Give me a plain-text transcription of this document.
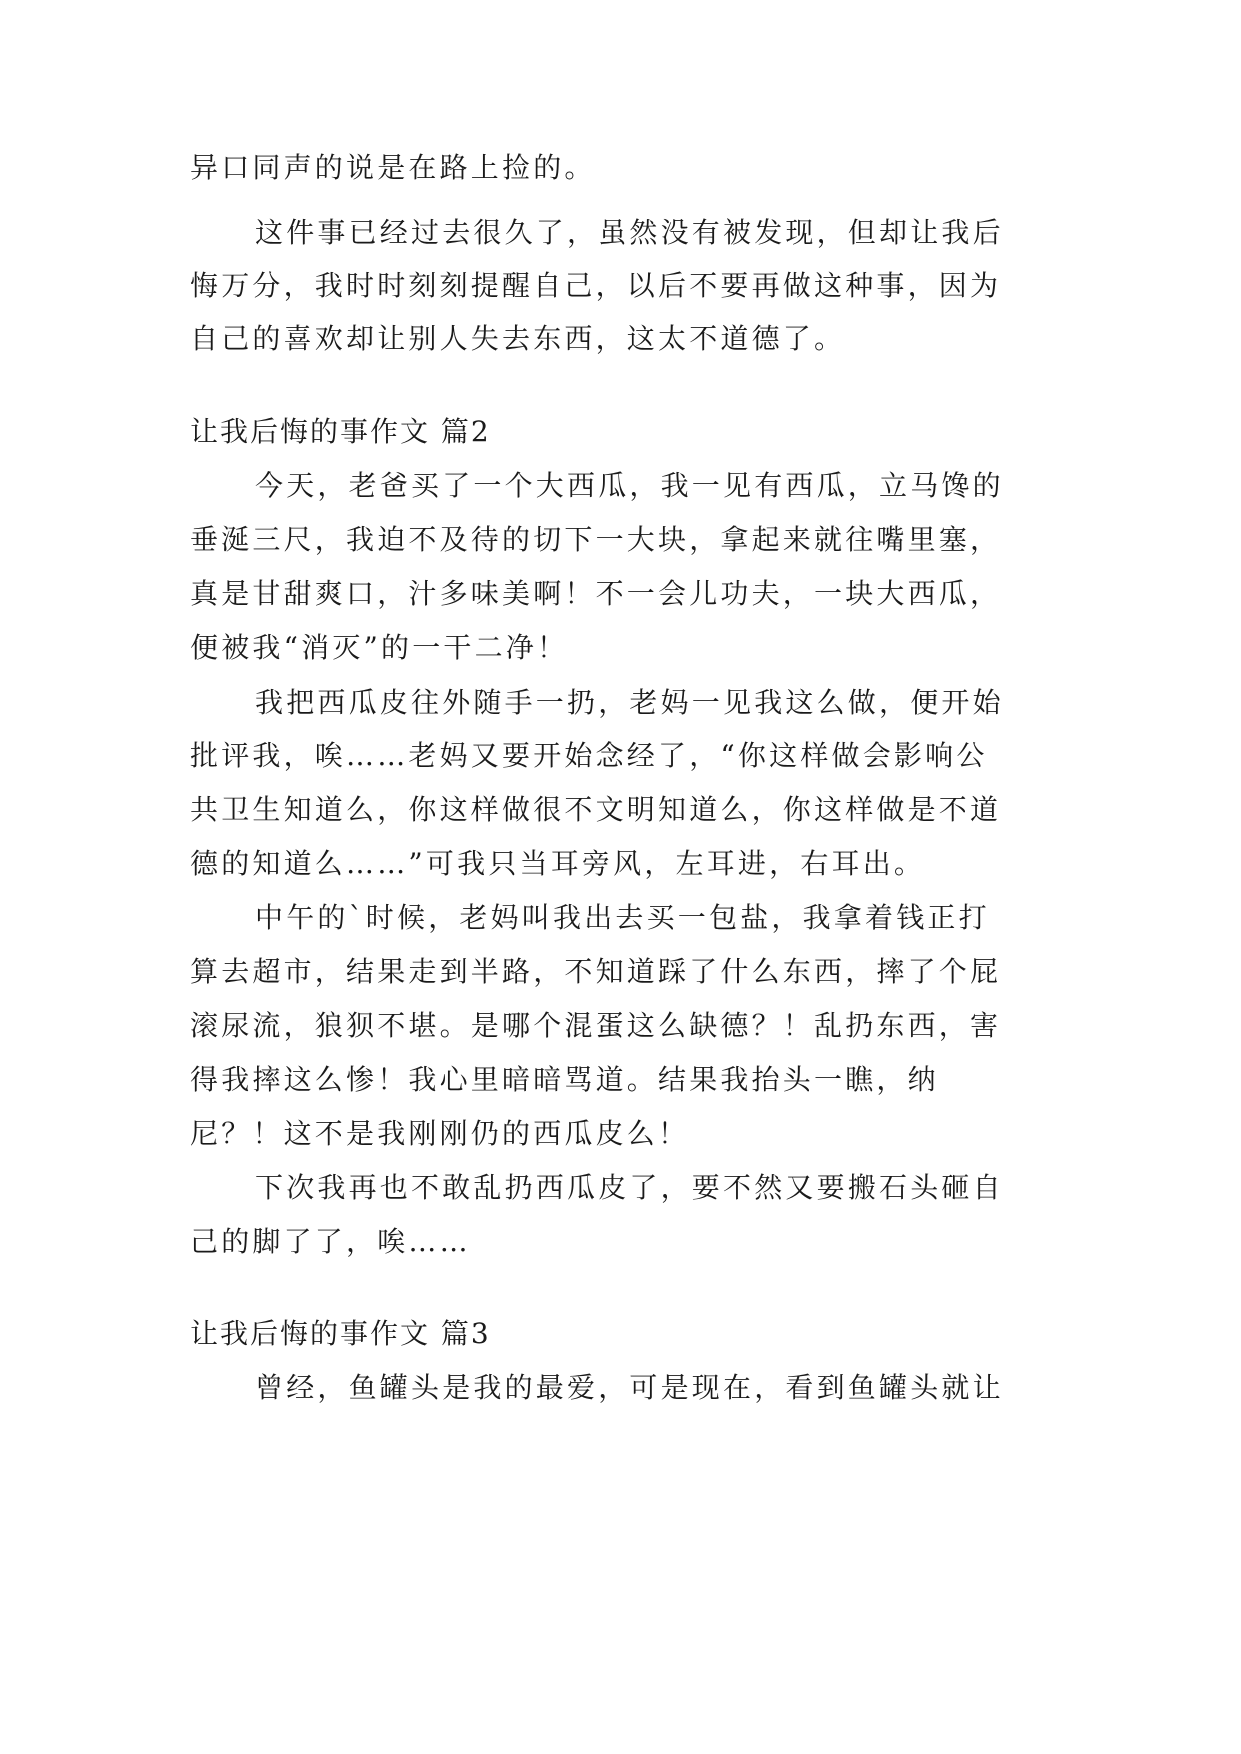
异口同声的说是在路上捡的。
这件事已经过去很久了，虽然没有被发现，但却让我后
悔万分，我时时刻刻提醒自己，以后不要再做这种事，因为
自己的喜欢却让别人失去东西，这太不道德了。
让我后悔的事作文 篇2
今天，老爸买了一个大西瓜，我一见有西瓜，立马馋的
垂涎三尺，我迫不及待的切下一大块，拿起来就往嘴里塞，
真是甘甜爽口，汁多味美啊！不一会儿功夫，一块大西瓜，
便被我“消灭”的一干二净！
我把西瓜皮往外随手一扔，老妈一见我这么做，便开始
批评我，唉……老妈又要开始念经了，“你这样做会影响公
共卫生知道么，你这样做很不文明知道么，你这样做是不道
德的知道么……”可我只当耳旁风，左耳进，右耳出。
中午的`时候，老妈叫我出去买一包盐，我拿着钱正打
算去超市，结果走到半路，不知道踩了什么东西，摔了个屁
滚尿流，狼狈不堪。是哪个混蛋这么缺德？！乱扔东西，害
得我摔这么惨！我心里暗暗骂道。结果我抬头一瞧，纳
尼？！这不是我刚刚仍的西瓜皮么！
下次我再也不敢乱扔西瓜皮了，要不然又要搬石头砸自
己的脚了了，唉……
让我后悔的事作文 篇3
曾经，鱼罐头是我的最爱，可是现在，看到鱼罐头就让
